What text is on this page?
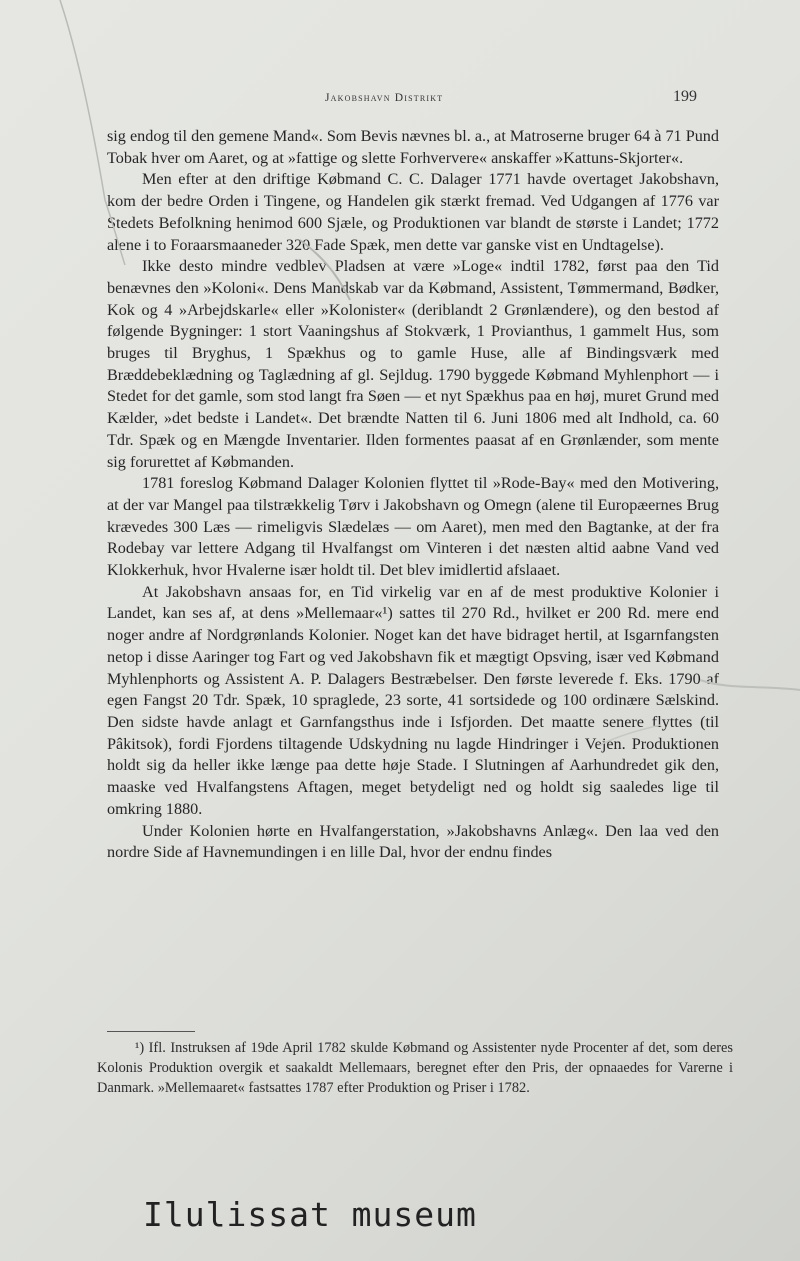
Jakobshavn Distrikt	199

sig endog til den gemene Mand«. Som Bevis nævnes bl. a., at Matroserne bruger 64 à 71 Pund Tobak hver om Aaret, og at »fattige og slette Forhververe« anskaffer »Kattuns-Skjorter«.

Men efter at den driftige Købmand C. C. Dalager 1771 havde overtaget Jakobshavn, kom der bedre Orden i Tingene, og Handelen gik stærkt fremad. Ved Udgangen af 1776 var Stedets Befolkning henimod 600 Sjæle, og Produktionen var blandt de største i Landet; 1772 alene i to Foraarsmaaneder 320 Fade Spæk, men dette var ganske vist en Undtagelse).

Ikke desto mindre vedblev Pladsen at være »Loge« indtil 1782, først paa den Tid benævnes den »Koloni«. Dens Mandskab var da Købmand, Assistent, Tømmermand, Bødker, Kok og 4 »Arbejdskarle« eller »Kolonister« (deriblandt 2 Grønlændere), og den bestod af følgende Bygninger: 1 stort Vaaningshus af Stokværk, 1 Provianthus, 1 gammelt Hus, som bruges til Bryghus, 1 Spækhus og to gamle Huse, alle af Bindingsværk med Bræddebeklædning og Taglædning af gl. Sejldug. 1790 byggede Købmand Myhlenphort — i Stedet for det gamle, som stod langt fra Søen — et nyt Spækhus paa en høj, muret Grund med Kælder, »det bedste i Landet«. Det brændte Natten til 6. Juni 1806 med alt Indhold, ca. 60 Tdr. Spæk og en Mængde Inventarier. Ilden formentes paasat af en Grønlænder, som mente sig forurettet af Købmanden.

1781 foreslog Købmand Dalager Kolonien flyttet til »Rode-Bay« med den Motivering, at der var Mangel paa tilstrækkelig Tørv i Jakobshavn og Omegn (alene til Europæernes Brug krævedes 300 Læs — rimeligvis Slædelæs — om Aaret), men med den Bagtanke, at der fra Rodebay var lettere Adgang til Hvalfangst om Vinteren i det næsten altid aabne Vand ved Klokkerhuk, hvor Hvalerne især holdt til. Det blev imidlertid afslaaet.

At Jakobshavn ansaas for, en Tid virkelig var en af de mest produktive Kolonier i Landet, kan ses af, at dens »Mellemaar«¹) sattes til 270 Rd., hvilket er 200 Rd. mere end noger andre af Nordgrønlands Kolonier. Noget kan det have bidraget hertil, at Isgarnfangsten netop i disse Aaringer tog Fart og ved Jakobshavn fik et mægtigt Opsving, især ved Købmand Myhlenphorts og Assistent A. P. Dalagers Bestræbelser. Den første leverede f. Eks. 1790 af egen Fangst 20 Tdr. Spæk, 10 spraglede, 23 sorte, 41 sortsidede og 100 ordinære Sælskind. Den sidste havde anlagt et Garnfangsthus inde i Isfjorden. Det maatte senere flyttes (til Pâkitsok), fordi Fjordens tiltagende Udskydning nu lagde Hindringer i Vejen. Produktionen holdt sig da heller ikke længe paa dette høje Stade. I Slutningen af Aarhundredet gik den, maaske ved Hvalfangstens Aftagen, meget betydeligt ned og holdt sig saaledes lige til omkring 1880.

Under Kolonien hørte en Hvalfangerstation, »Jakobshavns Anlæg«. Den laa ved den nordre Side af Havnemundingen i en lille Dal, hvor der endnu findes

¹) Ifl. Instruksen af 19de April 1782 skulde Købmand og Assistenter nyde Procenter af det, som deres Kolonis Produktion overgik et saakaldt Mellemaars, beregnet efter den Pris, der opnaaedes for Varerne i Danmark. »Mellemaaret« fastsattes 1787 efter Produktion og Priser i 1782.

Ilulissat museum
